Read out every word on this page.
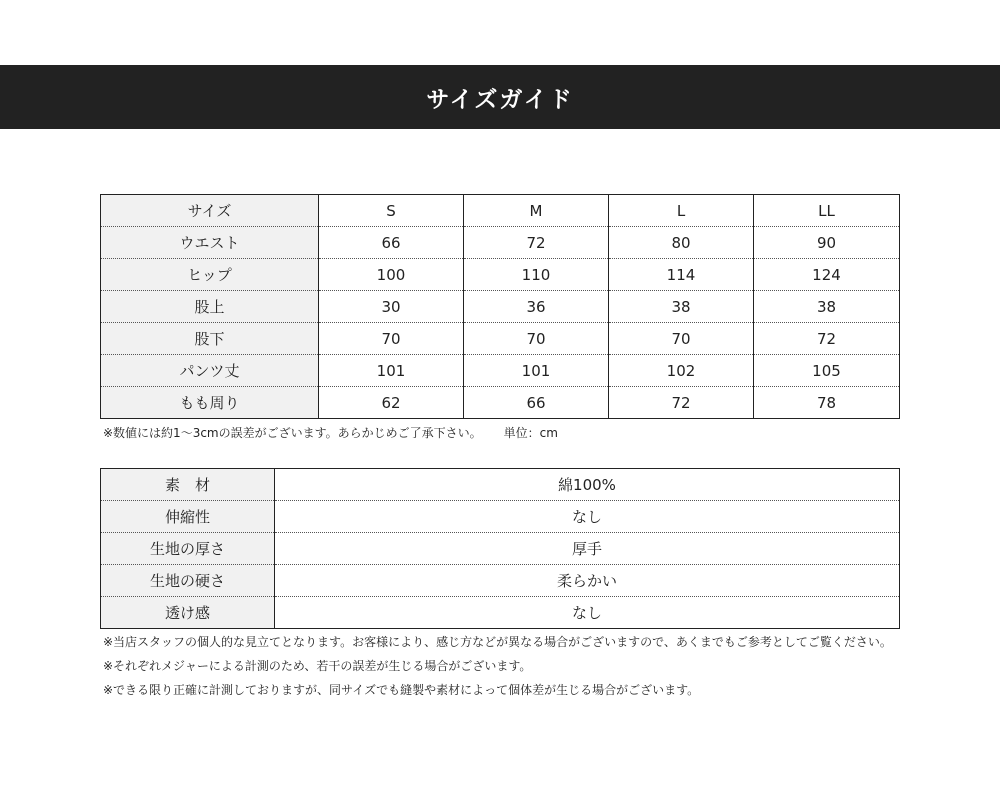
サイズガイド
サイズ	S	M	L	LL
ウエスト	66	72	80	90
ヒップ	100	110	114	124
股上	30	36	38	38
股下	70	70	70	72
パンツ丈	101	101	102	105
もも周り	62	66	72	78
※数値には約1～3cmの誤差がございます。あらかじめご了承下さい。 単位：cm
素　材	綿100%
伸縮性	なし
生地の厚さ	厚手
生地の硬さ	柔らかい
透け感	なし
※当店スタッフの個人的な見立てとなります。お客様により、感じ方などが異なる場合がございますので、あくまでもご参考としてご覧ください。
※それぞれメジャーによる計測のため、若干の誤差が生じる場合がございます。
※できる限り正確に計測しておりますが、同サイズでも縫製や素材によって個体差が生じる場合がございます。
